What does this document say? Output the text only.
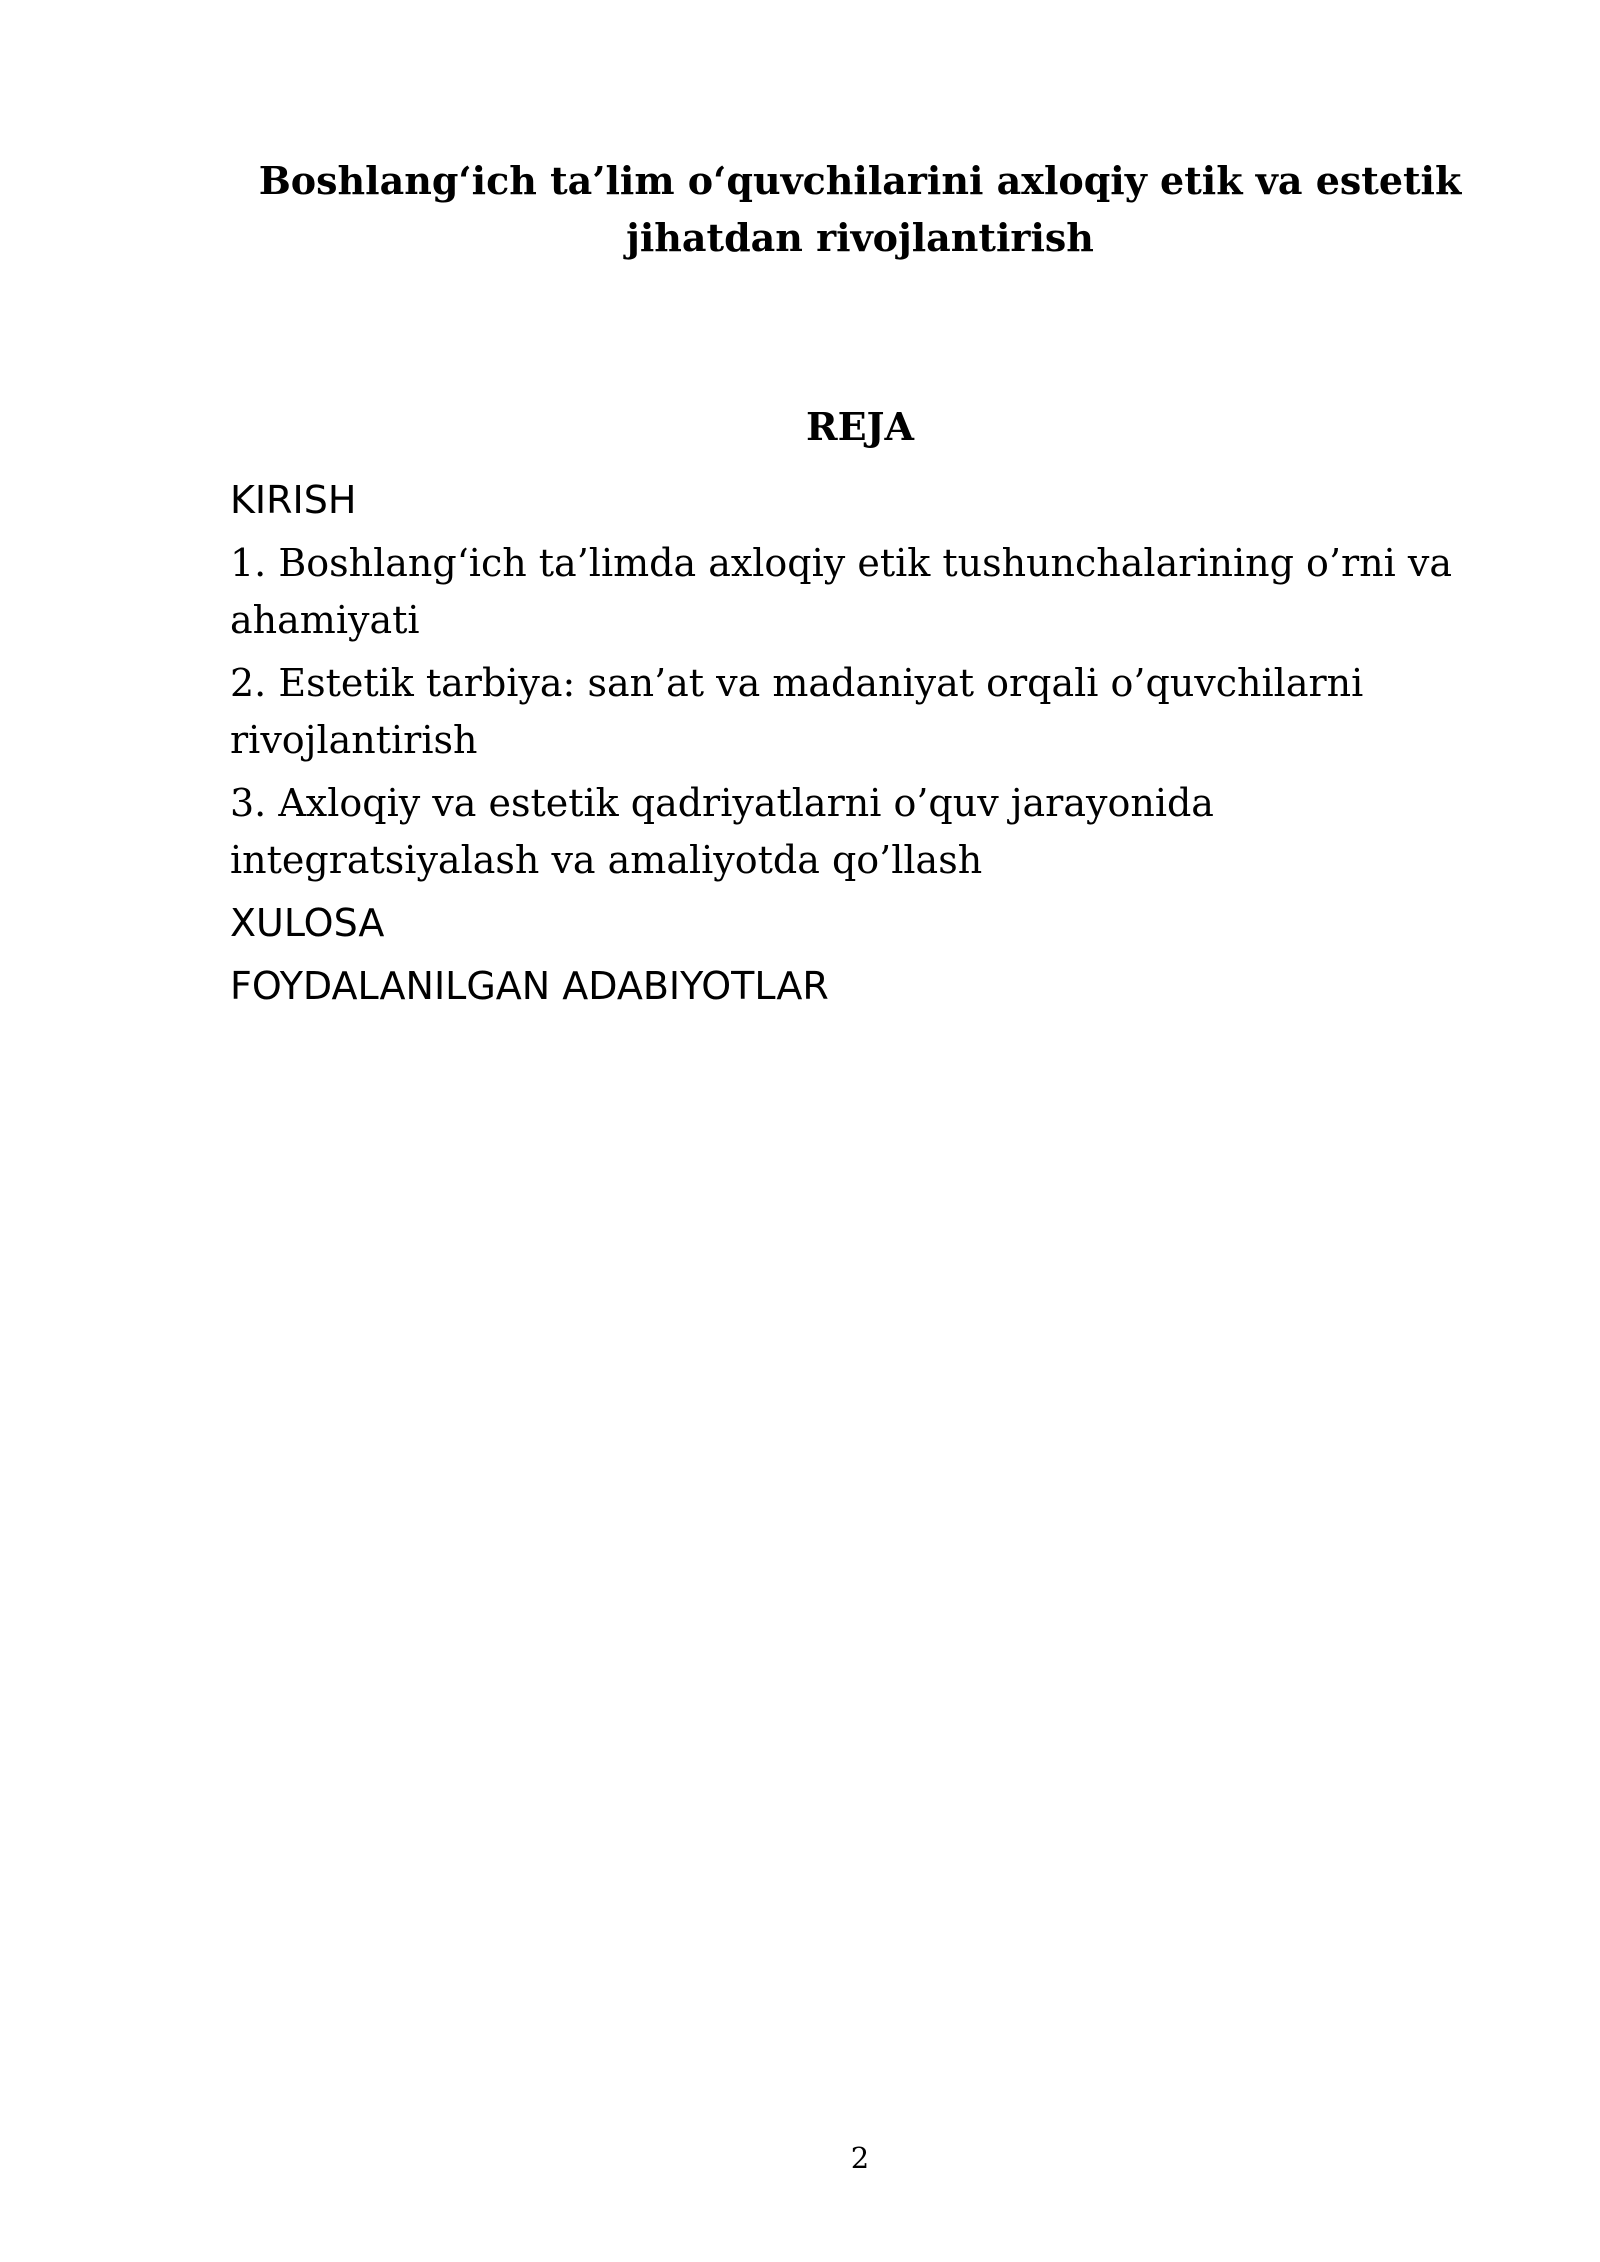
Boshlang‘ich ta’lim o‘quvchilarini axloqiy etik va estetik jihatdan rivojlantirish
REJA
KIRISH
1. Boshlang‘ich ta’limda axloqiy etik tushunchalarining o’rni va ahamiyati
2. Estetik tarbiya: san’at va madaniyat orqali o’quvchilarni rivojlantirish
3. Axloqiy va estetik qadriyatlarni o’quv jarayonida integratsiyalash va amaliyotda qo’llash
XULOSA
FOYDALANILGAN ADABIYOTLAR
2
